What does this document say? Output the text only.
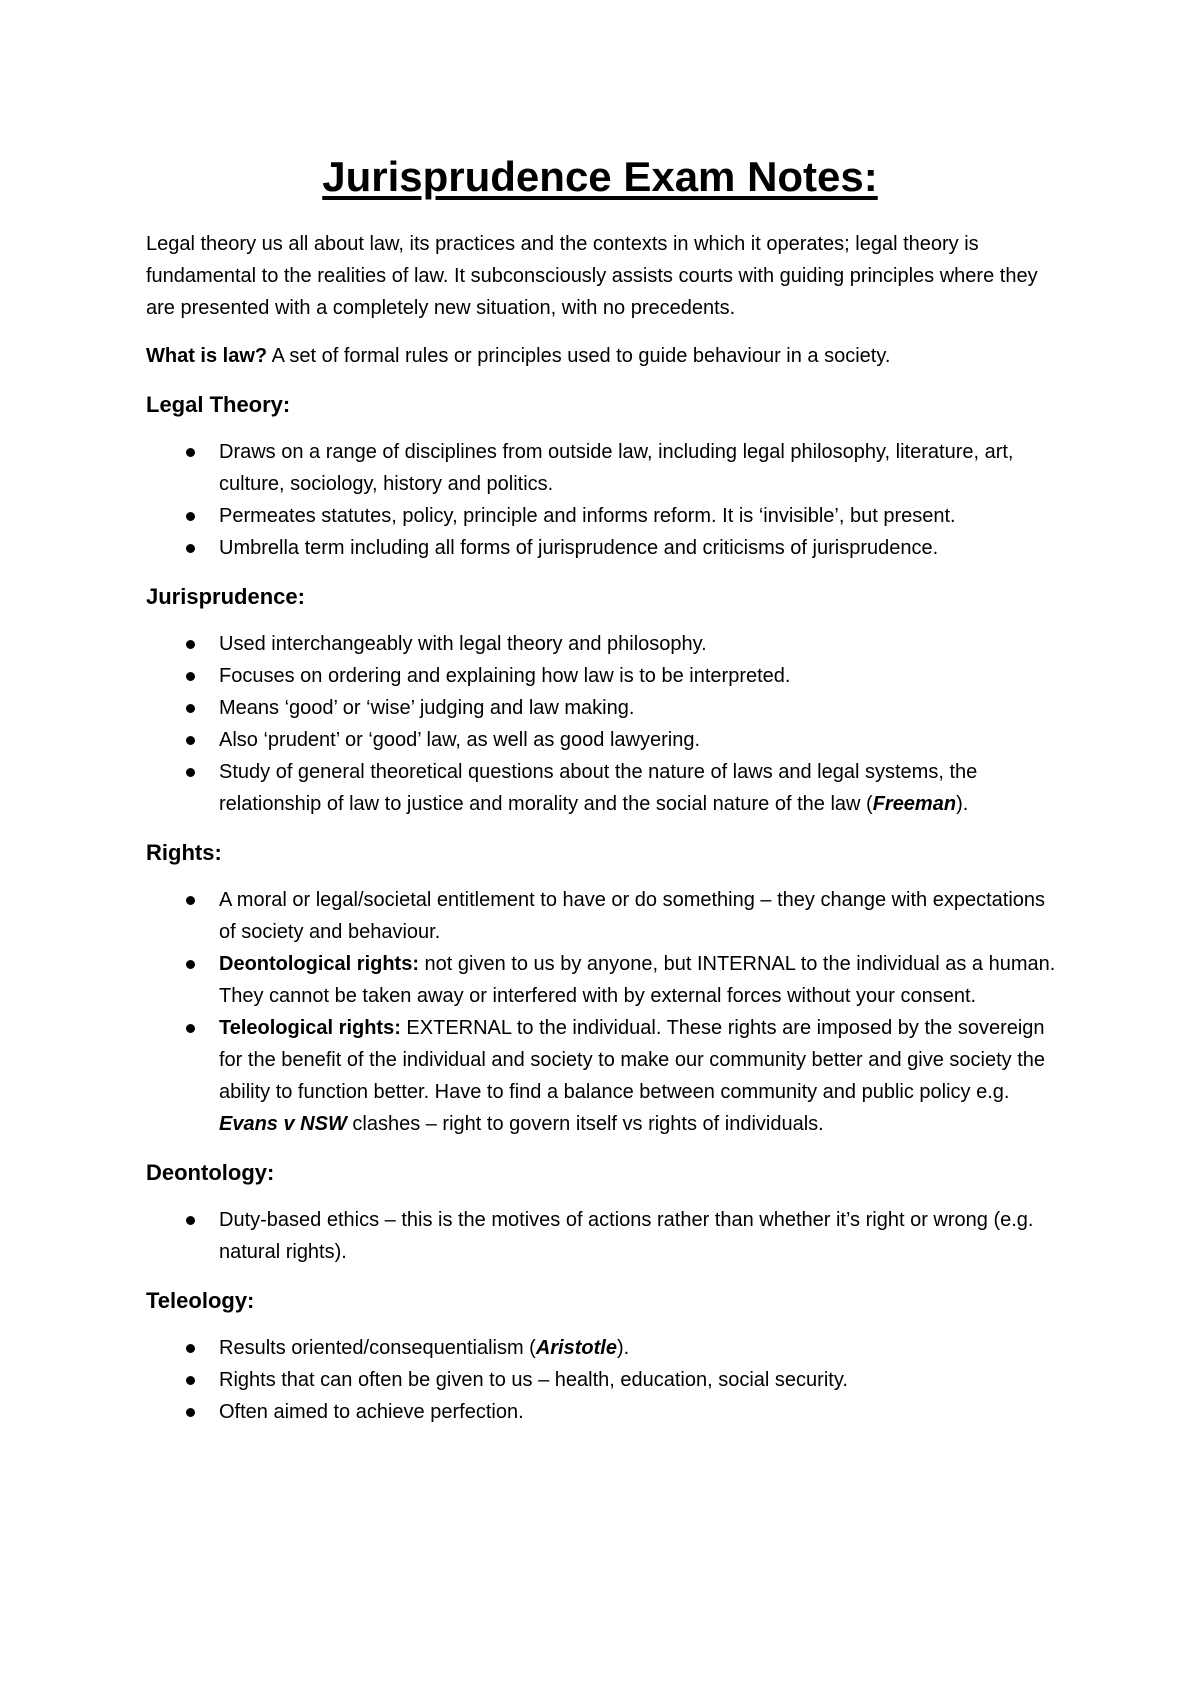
Jurisprudence Exam Notes:

Legal theory us all about law, its practices and the contexts in which it operates; legal theory is fundamental to the realities of law. It subconsciously assists courts with guiding principles where they are presented with a completely new situation, with no precedents.

What is law? A set of formal rules or principles used to guide behaviour in a society.

Legal Theory:
Draws on a range of disciplines from outside law, including legal philosophy, literature, art, culture, sociology, history and politics.
Permeates statutes, policy, principle and informs reform. It is ‘invisible’, but present.
Umbrella term including all forms of jurisprudence and criticisms of jurisprudence.
Jurisprudence:
Used interchangeably with legal theory and philosophy.
Focuses on ordering and explaining how law is to be interpreted.
Means ‘good’ or ‘wise’ judging and law making.
Also ‘prudent’ or ‘good’ law, as well as good lawyering.
Study of general theoretical questions about the nature of laws and legal systems, the relationship of law to justice and morality and the social nature of the law (Freeman).
Rights:
A moral or legal/societal entitlement to have or do something – they change with expectations of society and behaviour.
Deontological rights: not given to us by anyone, but INTERNAL to the individual as a human. They cannot be taken away or interfered with by external forces without your consent.
Teleological rights: EXTERNAL to the individual. These rights are imposed by the sovereign for the benefit of the individual and society to make our community better and give society the ability to function better. Have to find a balance between community and public policy e.g. Evans v NSW clashes – right to govern itself vs rights of individuals.
Deontology:
Duty-based ethics – this is the motives of actions rather than whether it’s right or wrong (e.g. natural rights).
Teleology:
Results oriented/consequentialism (Aristotle).
Rights that can often be given to us – health, education, social security.
Often aimed to achieve perfection.
